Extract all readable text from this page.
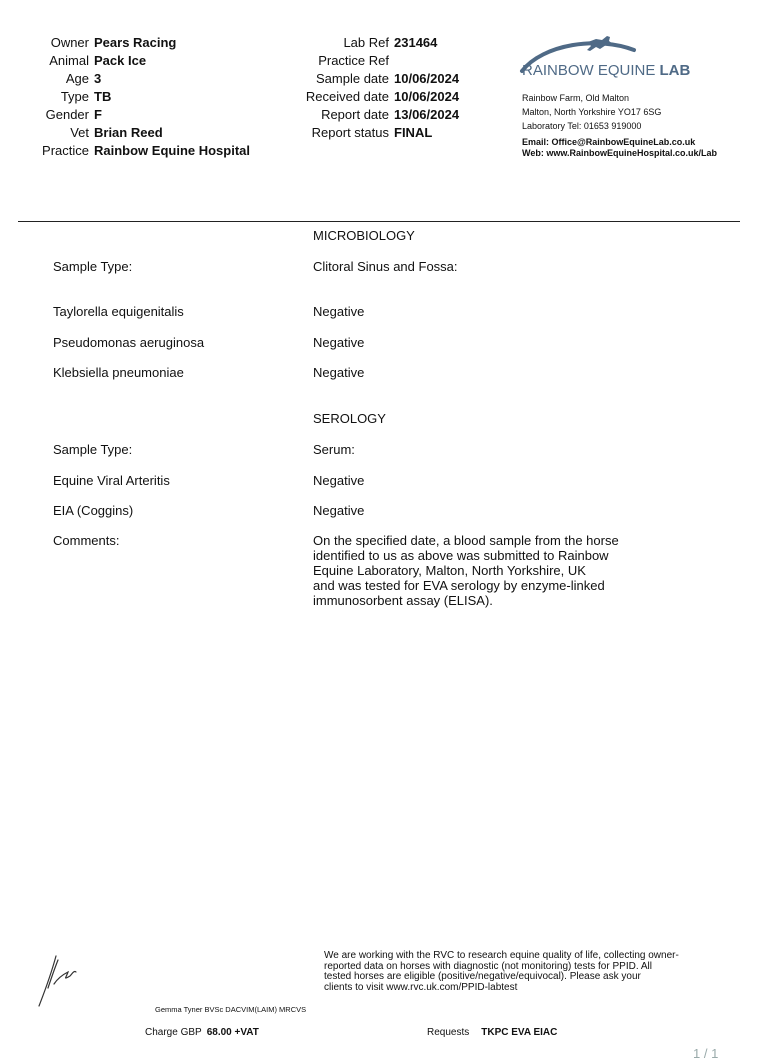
Owner Pears Racing
Animal Pack Ice
Age 3
Type TB
Gender F
Vet Brian Reed
Practice Rainbow Equine Hospital
Lab Ref 231464
Practice Ref
Sample date 10/06/2024
Received date 10/06/2024
Report date 13/06/2024
Report status FINAL
RAINBOW EQUINE LAB
Rainbow Farm, Old Malton
Malton, North Yorkshire YO17 6SG
Laboratory Tel: 01653 919000
Email: Office@RainbowEquineLab.co.uk
Web: www.RainbowEquineHospital.co.uk/Lab
MICROBIOLOGY
Sample Type:	Clitoral Sinus and Fossa:
Taylorella equigenitalis	Negative
Pseudomonas aeruginosa	Negative
Klebsiella pneumoniae	Negative
SEROLOGY
Sample Type:	Serum:
Equine Viral Arteritis	Negative
EIA (Coggins)	Negative
Comments:	On the specified date, a blood sample from the horse
identified to us as above was submitted to Rainbow
Equine Laboratory, Malton, North Yorkshire, UK
and was tested for EVA serology by enzyme-linked
immunosorbent assay (ELISA).
We are working with the RVC to research equine quality of life, collecting owner-
reported data on horses with diagnostic (not monitoring) tests for PPID. All
tested horses are eligible (positive/negative/equivocal). Please ask your
clients to visit www.rvc.uk.com/PPID-labtest
Gemma Tyner BVSc DACVIM(LAIM) MRCVS
Charge GBP 68.00 +VAT	Requests TKPC EVA EIAC
1 / 1
